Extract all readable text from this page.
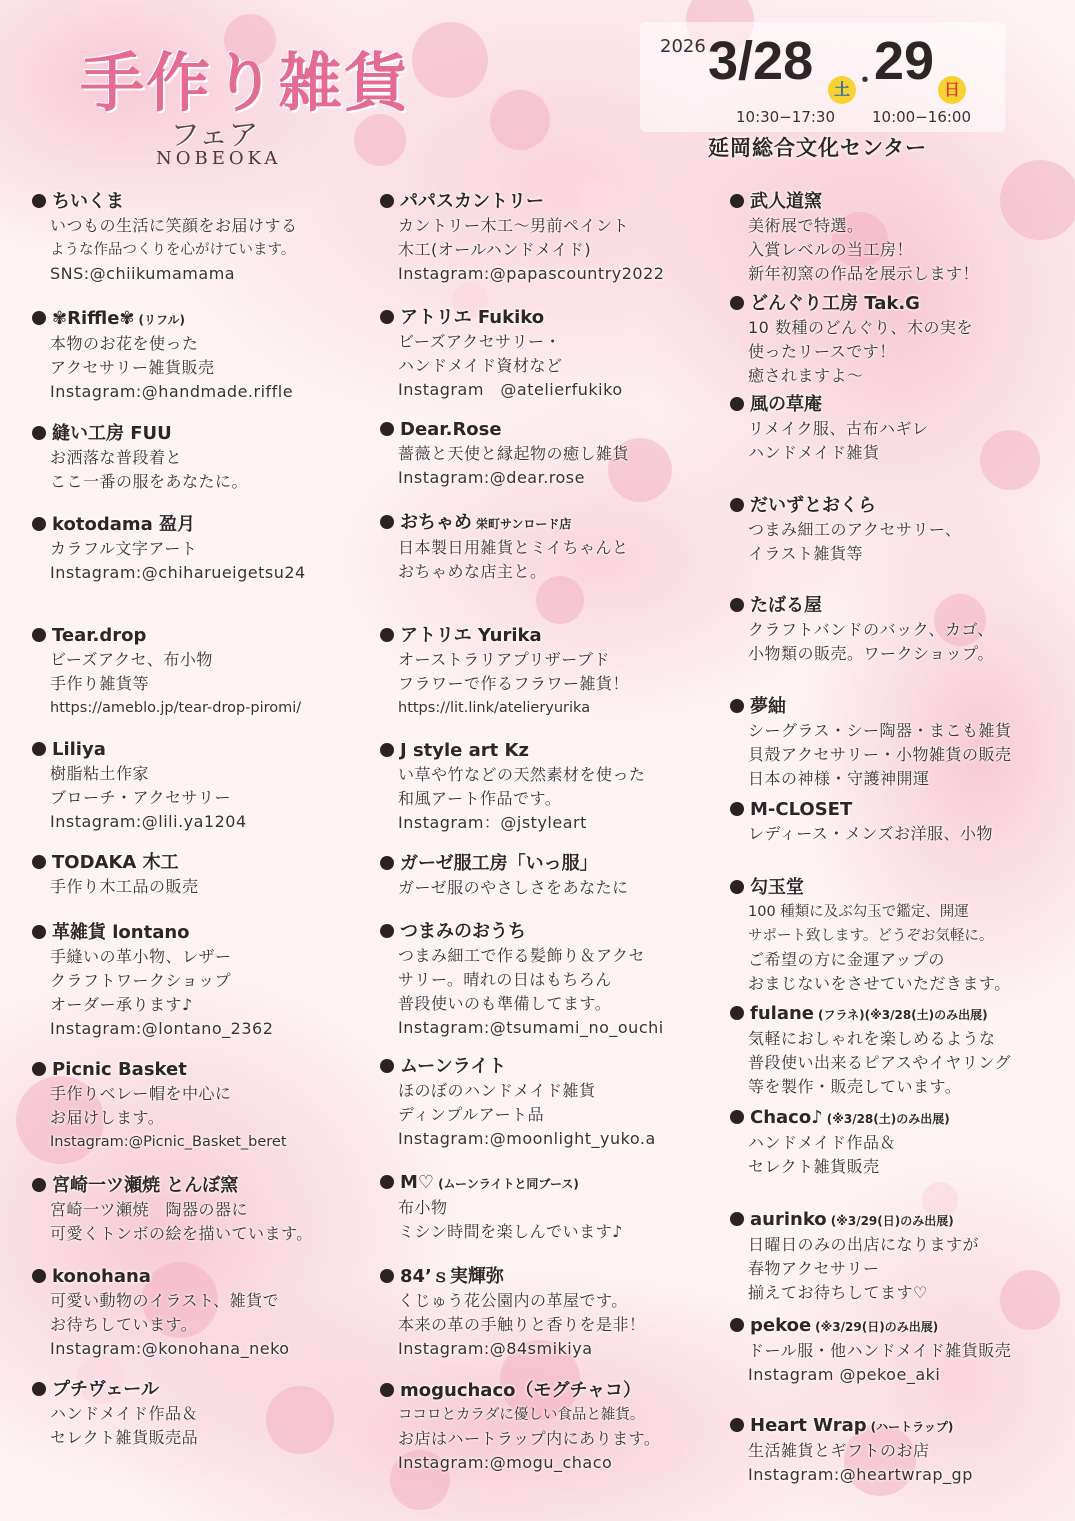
手作り雑貨
フェア
NOBEOKA
2026 3/28	土 ・
29 日
10:30−17:30 10:00−16:00
延岡総合文化センター
ちいくま
いつもの生活に笑顔をお届けする
ような作品つくりを心がけています。
SNS:@chiikumamama
✾Riffle✾ (リフル)
本物のお花を使った
アクセサリー雑貨販売
Instagram:@handmade.riffle
縫い工房 FUU
お洒落な普段着と
ここ一番の服をあなたに。
kotodama 盈月
カラフル文字アート
Instagram:@chiharueigetsu24
Tear.drop
ビーズアクセ、布小物
手作り雑貨等
https://ameblo.jp/tear-drop-piromi/
Liliya
樹脂粘土作家
ブローチ・アクセサリー
Instagram:@lili.ya1204
TODAKA 木工
手作り木工品の販売
革雑貨 lontano
手縫いの革小物、レザー
クラフトワークショップ
オーダー承ります♪
Instagram:@lontano_2362
Picnic Basket
手作りベレー帽を中心に
お届けします。
Instagram:@Picnic_Basket_beret
宮崎一ツ瀬焼 とんぼ窯
宮崎一ツ瀬焼　陶器の器に
可愛くトンボの絵を描いています。
konohana
可愛い動物のイラスト、雑貨で
お待ちしています。
Instagram:@konohana_neko
プチヴェール
ハンドメイド作品＆
セレクト雑貨販売品
パパスカントリー
カントリー木工〜男前ペイント
木工(オールハンドメイド)
Instagram:@papascountry2022
アトリエ Fukiko
ビーズアクセサリー・
ハンドメイド資材など
Instagram　@atelierfukiko
Dear.Rose
薔薇と天使と縁起物の癒し雑貨
Instagram:@dear.rose
おちゃめ 栄町サンロード店
日本製日用雑貨とミイちゃんと
おちゃめな店主と。
アトリエ Yurika
オーストラリアプリザーブド
フラワーで作るフラワー雑貨！
https://lit.link/atelieryurika
J style art Kz
い草や竹などの天然素材を使った
和風アート作品です。
Instagram：@jstyleart
ガーゼ服工房「いっ服」
ガーゼ服のやさしさをあなたに
つまみのおうち
つまみ細工で作る髪飾り＆アクセ
サリー。晴れの日はもちろん
普段使いのも準備してます。
Instagram:@tsumami_no_ouchi
ムーンライト
ほのぼのハンドメイド雑貨
ディンプルアート品
Instagram:@moonlight_yuko.a
M♡ (ムーンライトと同ブース)
布小物
ミシン時間を楽しんでいます♪
84’ｓ実輝弥
くじゅう花公園内の革屋です。
本来の革の手触りと香りを是非！
Instagram:@84smikiya
moguchaco（モグチャコ）
ココロとカラダに優しい食品と雑貨。
お店はハートラップ内にあります。
Instagram:@mogu_chaco
武人道窯
美術展で特選。
入賞レベルの当工房！
新年初窯の作品を展示します！
どんぐり工房 Tak.G
10 数種のどんぐり、木の実を
使ったリースです！
癒されますよ〜
風の草庵
リメイク服、古布ハギレ
ハンドメイド雑貨
だいずとおくら
つまみ細工のアクセサリー、
イラスト雑貨等
たばる屋
クラフトバンドのバック、カゴ、
小物類の販売。ワークショップ。
夢紬
シーグラス・シー陶器・まこも雑貨
貝殻アクセサリー・小物雑貨の販売
日本の神様・守護神開運
M-CLOSET
レディース・メンズお洋服、小物
勾玉堂
100 種類に及ぶ勾玉で鑑定、開運
サポート致します。どうぞお気軽に。
ご希望の方に金運アップの
おまじないをさせていただきます。
fulane (フラネ)(※3/28(土)のみ出展)
気軽におしゃれを楽しめるような
普段使い出来るピアスやイヤリング
等を製作・販売しています。
Chaco♪ (※3/28(土)のみ出展)
ハンドメイド作品＆
セレクト雑貨販売
aurinko (※3/29(日)のみ出展)
日曜日のみの出店になりますが
春物アクセサリー
揃えてお待ちしてます♡
pekoe (※3/29(日)のみ出展)
ドール服・他ハンドメイド雑貨販売
Instagram @pekoe_aki
Heart Wrap (ハートラップ)
生活雑貨とギフトのお店
Instagram:@heartwrap_gp
